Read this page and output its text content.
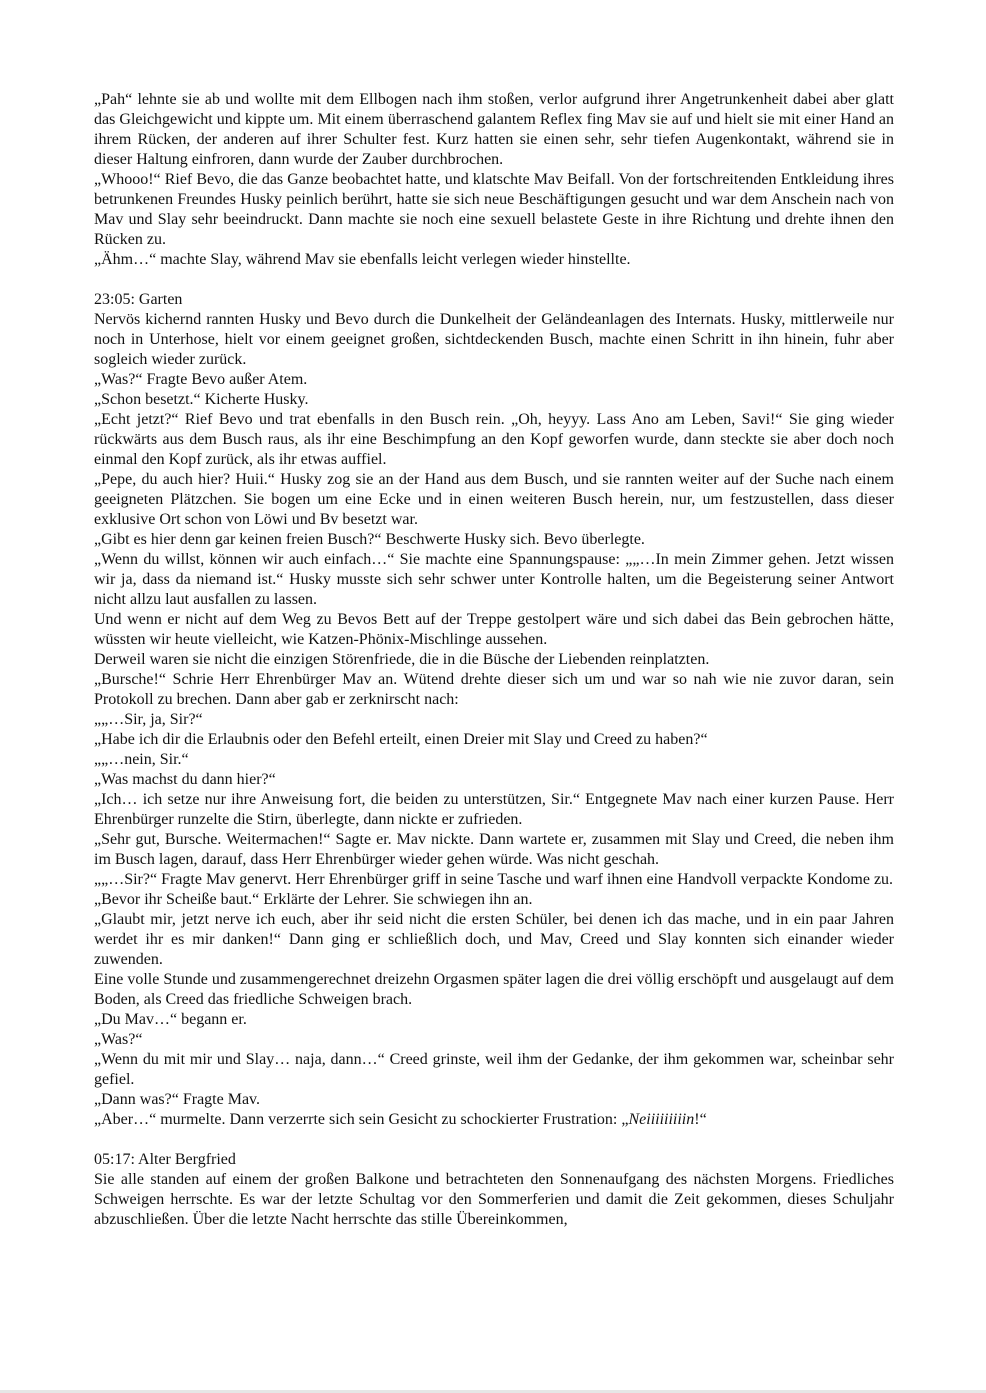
„Pah“ lehnte sie ab und wollte mit dem Ellbogen nach ihm stoßen, verlor aufgrund ihrer Angetrunkenheit dabei aber glatt das Gleichgewicht und kippte um. Mit einem überraschend galantem Reflex fing Mav sie auf und hielt sie mit einer Hand an ihrem Rücken, der anderen auf ihrer Schulter fest. Kurz hatten sie einen sehr, sehr tiefen Augenkontakt, während sie in dieser Haltung einfroren, dann wurde der Zauber durchbrochen.

„Whooo!“ Rief Bevo, die das Ganze beobachtet hatte, und klatschte Mav Beifall. Von der fortschreitenden Entkleidung ihres betrunkenen Freundes Husky peinlich berührt, hatte sie sich neue Beschäftigungen gesucht und war dem Anschein nach von Mav und Slay sehr beeindruckt. Dann machte sie noch eine sexuell belastete Geste in ihre Richtung und drehte ihnen den Rücken zu.

„Ähm…“ machte Slay, während Mav sie ebenfalls leicht verlegen wieder hinstellte.

23:05: Garten

Nervös kichernd rannten Husky und Bevo durch die Dunkelheit der Geländeanlagen des Internats. Husky, mittlerweile nur noch in Unterhose, hielt vor einem geeignet großen, sichtdeckenden Busch, machte einen Schritt in ihn hinein, fuhr aber sogleich wieder zurück.

„Was?“ Fragte Bevo außer Atem.

„Schon besetzt.“ Kicherte Husky.

„Echt jetzt?“ Rief Bevo und trat ebenfalls in den Busch rein. „Oh, heyyy. Lass Ano am Leben, Savi!“ Sie ging wieder rückwärts aus dem Busch raus, als ihr eine Beschimpfung an den Kopf geworfen wurde, dann steckte sie aber doch noch einmal den Kopf zurück, als ihr etwas auffiel.

„Pepe, du auch hier? Huii.“ Husky zog sie an der Hand aus dem Busch, und sie rannten weiter auf der Suche nach einem geeigneten Plätzchen. Sie bogen um eine Ecke und in einen weiteren Busch herein, nur, um festzustellen, dass dieser exklusive Ort schon von Löwi und Bv besetzt war.

„Gibt es hier denn gar keinen freien Busch?“ Beschwerte Husky sich. Bevo überlegte.

„Wenn du willst, können wir auch einfach…“ Sie machte eine Spannungspause: „„…In mein Zimmer gehen. Jetzt wissen wir ja, dass da niemand ist.“ Husky musste sich sehr schwer unter Kontrolle halten, um die Begeisterung seiner Antwort nicht allzu laut ausfallen zu lassen.

Und wenn er nicht auf dem Weg zu Bevos Bett auf der Treppe gestolpert wäre und sich dabei das Bein gebrochen hätte, wüssten wir heute vielleicht, wie Katzen-Phönix-Mischlinge aussehen.

Derweil waren sie nicht die einzigen Störenfriede, die in die Büsche der Liebenden reinplatzten.

„Bursche!“ Schrie Herr Ehrenbürger Mav an. Wütend drehte dieser sich um und war so nah wie nie zuvor daran, sein Protokoll zu brechen. Dann aber gab er zerknirscht nach:

„„…Sir, ja, Sir?“

„Habe ich dir die Erlaubnis oder den Befehl erteilt, einen Dreier mit Slay und Creed zu haben?“

„„…nein, Sir.“

„Was machst du dann hier?“

„Ich… ich setze nur ihre Anweisung fort, die beiden zu unterstützen, Sir.“ Entgegnete Mav nach einer kurzen Pause. Herr Ehrenbürger runzelte die Stirn, überlegte, dann nickte er zufrieden.

„Sehr gut, Bursche. Weitermachen!“ Sagte er. Mav nickte. Dann wartete er, zusammen mit Slay und Creed, die neben ihm im Busch lagen, darauf, dass Herr Ehrenbürger wieder gehen würde. Was nicht geschah.

„„…Sir?“ Fragte Mav genervt. Herr Ehrenbürger griff in seine Tasche und warf ihnen eine Handvoll verpackte Kondome zu.

„Bevor ihr Scheiße baut.“ Erklärte der Lehrer. Sie schwiegen ihn an.

„Glaubt mir, jetzt nerve ich euch, aber ihr seid nicht die ersten Schüler, bei denen ich das mache, und in ein paar Jahren werdet ihr es mir danken!“ Dann ging er schließlich doch, und Mav, Creed und Slay konnten sich einander wieder zuwenden.

Eine volle Stunde und zusammengerechnet dreizehn Orgasmen später lagen die drei völlig erschöpft und ausgelaugt auf dem Boden, als Creed das friedliche Schweigen brach.

„Du Mav…“ begann er.

„Was?“

„Wenn du mit mir und Slay… naja, dann…“ Creed grinste, weil ihm der Gedanke, der ihm gekommen war, scheinbar sehr gefiel.

„Dann was?“ Fragte Mav.

„Aber…“ murmelte. Dann verzerrte sich sein Gesicht zu schockierter Frustration: „Neiiiiiiiiin!“

05:17: Alter Bergfried

Sie alle standen auf einem der großen Balkone und betrachteten den Sonnenaufgang des nächsten Morgens. Friedliches Schweigen herrschte. Es war der letzte Schultag vor den Sommerferien und damit die Zeit gekommen, dieses Schuljahr abzuschließen. Über die letzte Nacht herrschte das stille Übereinkommen,
